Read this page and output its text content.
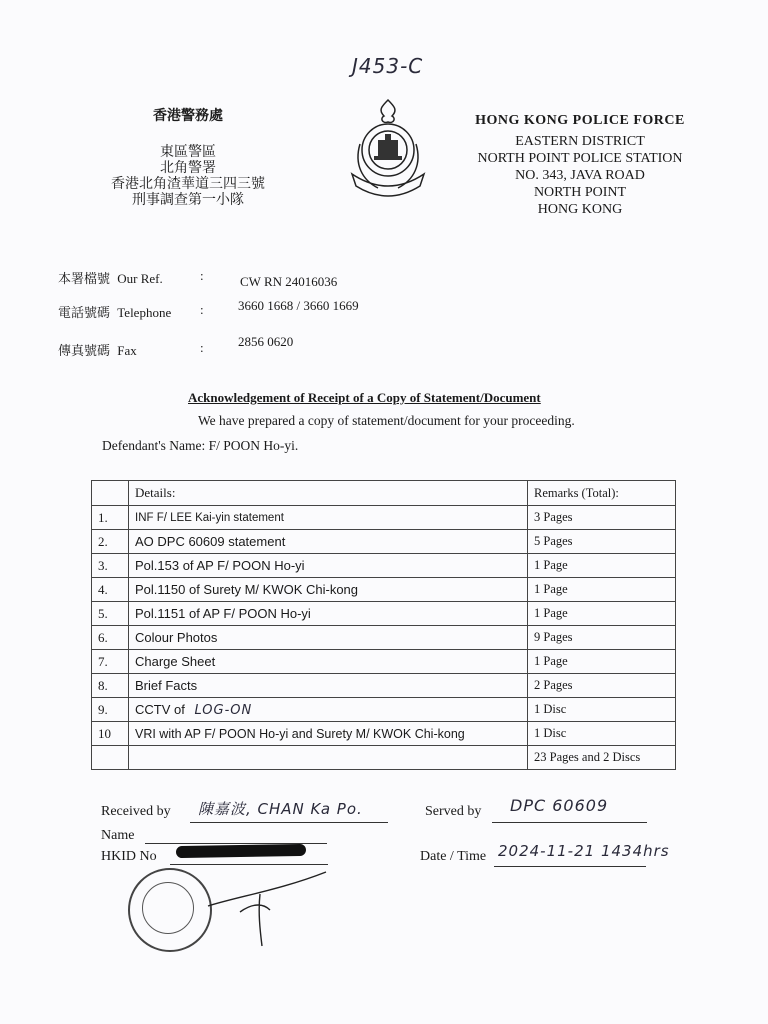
J453-C
香港警務處
東區警區
北角警署
香港北角渣華道三四三號
刑事調查第一小隊
HONG KONG POLICE FORCE
EASTERN DISTRICT
NORTH POINT POLICE STATION
NO. 343, JAVA ROAD
NORTH POINT
HONG KONG
本署檔號 Our Ref.	:	CW RN 24016036
電話號碼 Telephone :	3660 1668 / 3660 1669
傳真號碼 Fax	:	2856 0620
Acknowledgement of Receipt of a Copy of Statement/Document
We have prepared a copy of statement/document for your proceeding.
Defendant's Name: F/ POON Ho-yi.
	Details:	Remarks (Total):
1.	INF F/ LEE Kai-yin statement	3 Pages
2.	AO DPC 60609 statement	5 Pages
3.	Pol.153 of AP F/ POON Ho-yi	1 Page
4.	Pol.1150 of Surety M/ KWOK Chi-kong	1 Page
5.	Pol.1151 of AP F/ POON Ho-yi	1 Page
6.	Colour Photos	9 Pages
7.	Charge Sheet	1 Page
8.	Brief Facts	2 Pages
9.	CCTV of LOG-ON	1 Disc
10	VRI with AP F/ POON Ho-yi and Surety M/ KWOK Chi-kong	1 Disc
		23 Pages and 2 Discs
Received by 陳嘉波, CHAN Ka Po.
Name
HKID No
Served by DPC 60609
Date / Time 2024-11-21 1434hrs
